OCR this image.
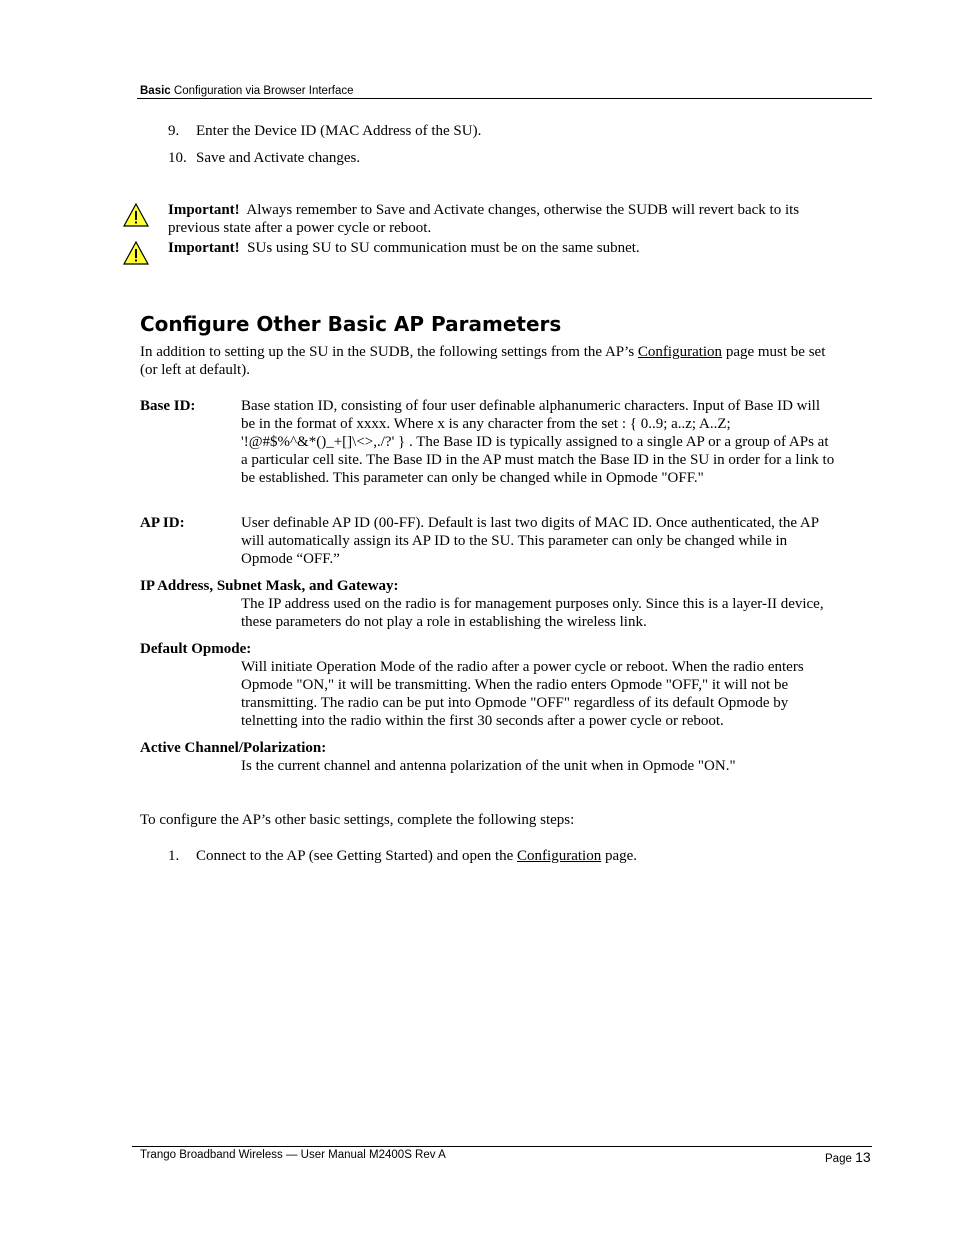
Basic Configuration via Browser Interface
9.	Enter the Device ID (MAC Address of the SU).
10. Save and Activate changes.
Important! Always remember to Save and Activate changes, otherwise the SUDB will revert back to its
previous state after a power cycle or reboot.
Important! SUs using SU to SU communication must be on the same subnet.
Configure Other Basic AP Parameters
In addition to setting up the SU in the SUDB, the following settings from the AP’s Configuration page must be set
(or left at default).
Base ID:	Base station ID, consisting of four user definable alphanumeric characters. Input of Base ID will
be in the format of xxxx. Where x is any character from the set : { 0..9; a..z; A..Z;
'!@#$%^&*()_+[]\<>,./?' } . The Base ID is typically assigned to a single AP or a group of APs at
a particular cell site. The Base ID in the AP must match the Base ID in the SU in order for a link to
be established. This parameter can only be changed while in Opmode "OFF."
AP ID:	User definable AP ID (00-FF). Default is last two digits of MAC ID. Once authenticated, the AP
will automatically assign its AP ID to the SU. This parameter can only be changed while in
Opmode “OFF.”
IP Address, Subnet Mask, and Gateway:
The IP address used on the radio is for management purposes only. Since this is a layer-II device,
these parameters do not play a role in establishing the wireless link.
Default Opmode:
Will initiate Operation Mode of the radio after a power cycle or reboot. When the radio enters
Opmode "ON," it will be transmitting. When the radio enters Opmode "OFF," it will not be
transmitting. The radio can be put into Opmode "OFF" regardless of its default Opmode by
telnetting into the radio within the first 30 seconds after a power cycle or reboot.
Active Channel/Polarization:
Is the current channel and antenna polarization of the unit when in Opmode "ON."
To configure the AP’s other basic settings, complete the following steps:
1.	Connect to the AP (see Getting Started) and open the Configuration page.
Trango Broadband Wireless — User Manual M2400S Rev A	Page 13
